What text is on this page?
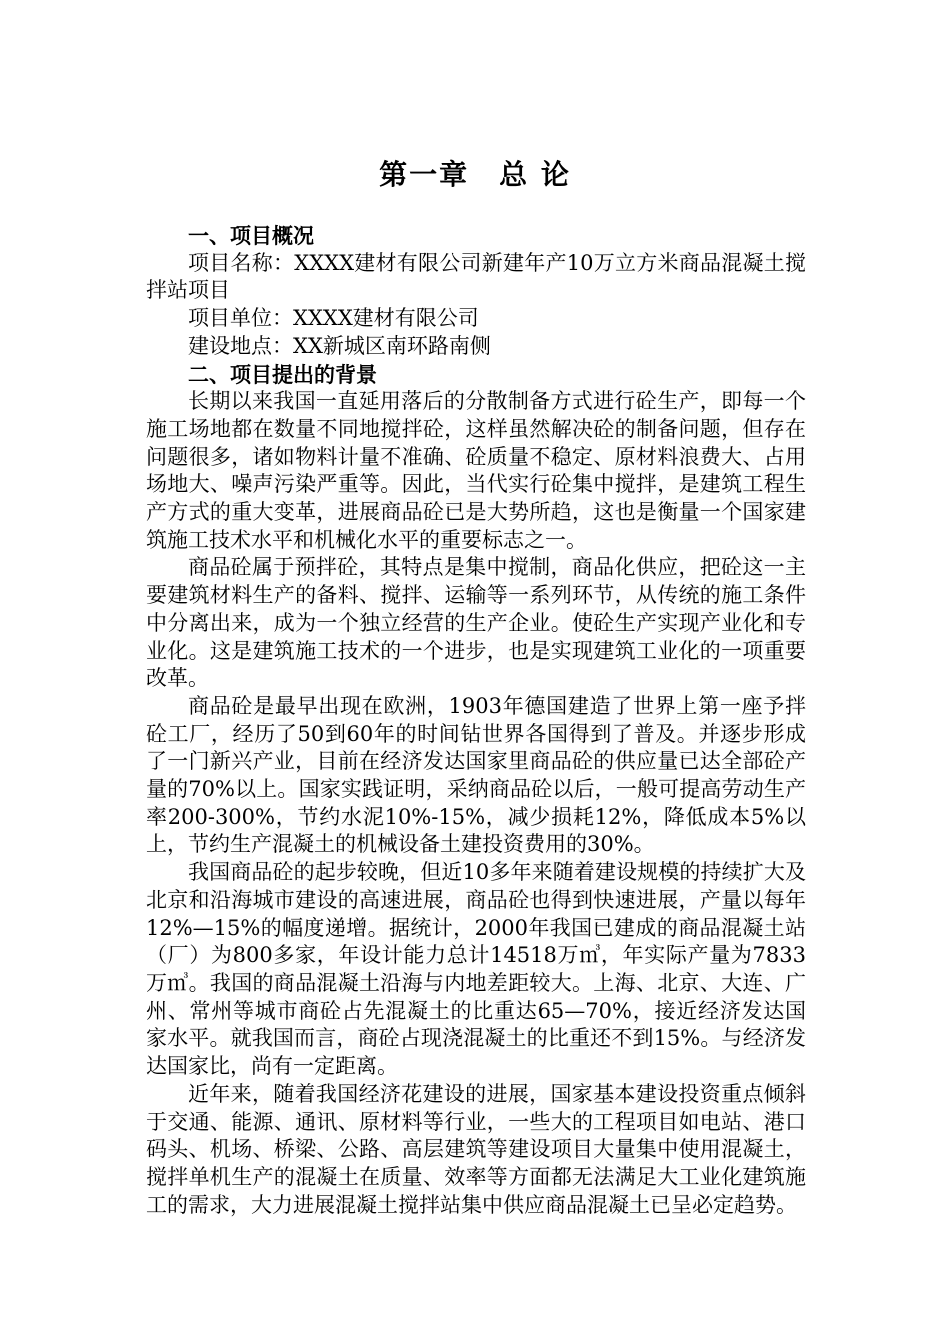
第一章　总 论

一、项目概况

项目名称：XXXX建材有限公司新建年产10万立方米商品混凝土搅拌站项目

项目单位：XXXX建材有限公司

建设地点：XX新城区南环路南侧

二、项目提出的背景

长期以来我国一直延用落后的分散制备方式进行砼生产，即每一个施工场地都在数量不同地搅拌砼，这样虽然解决砼的制备问题，但存在问题很多，诸如物料计量不准确、砼质量不稳定、原材料浪费大、占用场地大、噪声污染严重等。因此，当代实行砼集中搅拌，是建筑工程生产方式的重大变革，进展商品砼已是大势所趋，这也是衡量一个国家建筑施工技术水平和机械化水平的重要标志之一。

商品砼属于预拌砼，其特点是集中搅制，商品化供应，把砼这一主要建筑材料生产的备料、搅拌、运输等一系列环节，从传统的施工条件中分离出来，成为一个独立经营的生产企业。使砼生产实现产业化和专业化。这是建筑施工技术的一个进步，也是实现建筑工业化的一项重要改革。

商品砼是最早出现在欧洲，1903年德国建造了世界上第一座予拌砼工厂，经历了50到60年的时间钻世界各国得到了普及。并逐步形成了一门新兴产业，目前在经济发达国家里商品砼的供应量已达全部砼产量的70%以上。国家实践证明，采纳商品砼以后，一般可提高劳动生产率200-300%，节约水泥10%-15%，减少损耗12%，降低成本5%以上，节约生产混凝土的机械设备土建投资费用的30%。

我国商品砼的起步较晚，但近10多年来随着建设规模的持续扩大及北京和沿海城市建设的高速进展，商品砼也得到快速进展，产量以每年12%—15%的幅度递增。据统计，2000年我国已建成的商品混凝土站（厂）为800多家，年设计能力总计14518万㎥，年实际产量为7833万㎥。我国的商品混凝土沿海与内地差距较大。上海、北京、大连、广州、常州等城市商砼占先混凝土的比重达65—70%，接近经济发达国家水平。就我国而言，商砼占现浇混凝土的比重还不到15%。与经济发达国家比，尚有一定距离。

近年来，随着我国经济花建设的进展，国家基本建设投资重点倾斜于交通、能源、通讯、原材料等行业，一些大的工程项目如电站、港口码头、机场、桥梁、公路、高层建筑等建设项目大量集中使用混凝土，搅拌单机生产的混凝土在质量、效率等方面都无法满足大工业化建筑施工的需求，大力进展混凝土搅拌站集中供应商品混凝土已呈必定趋势。
